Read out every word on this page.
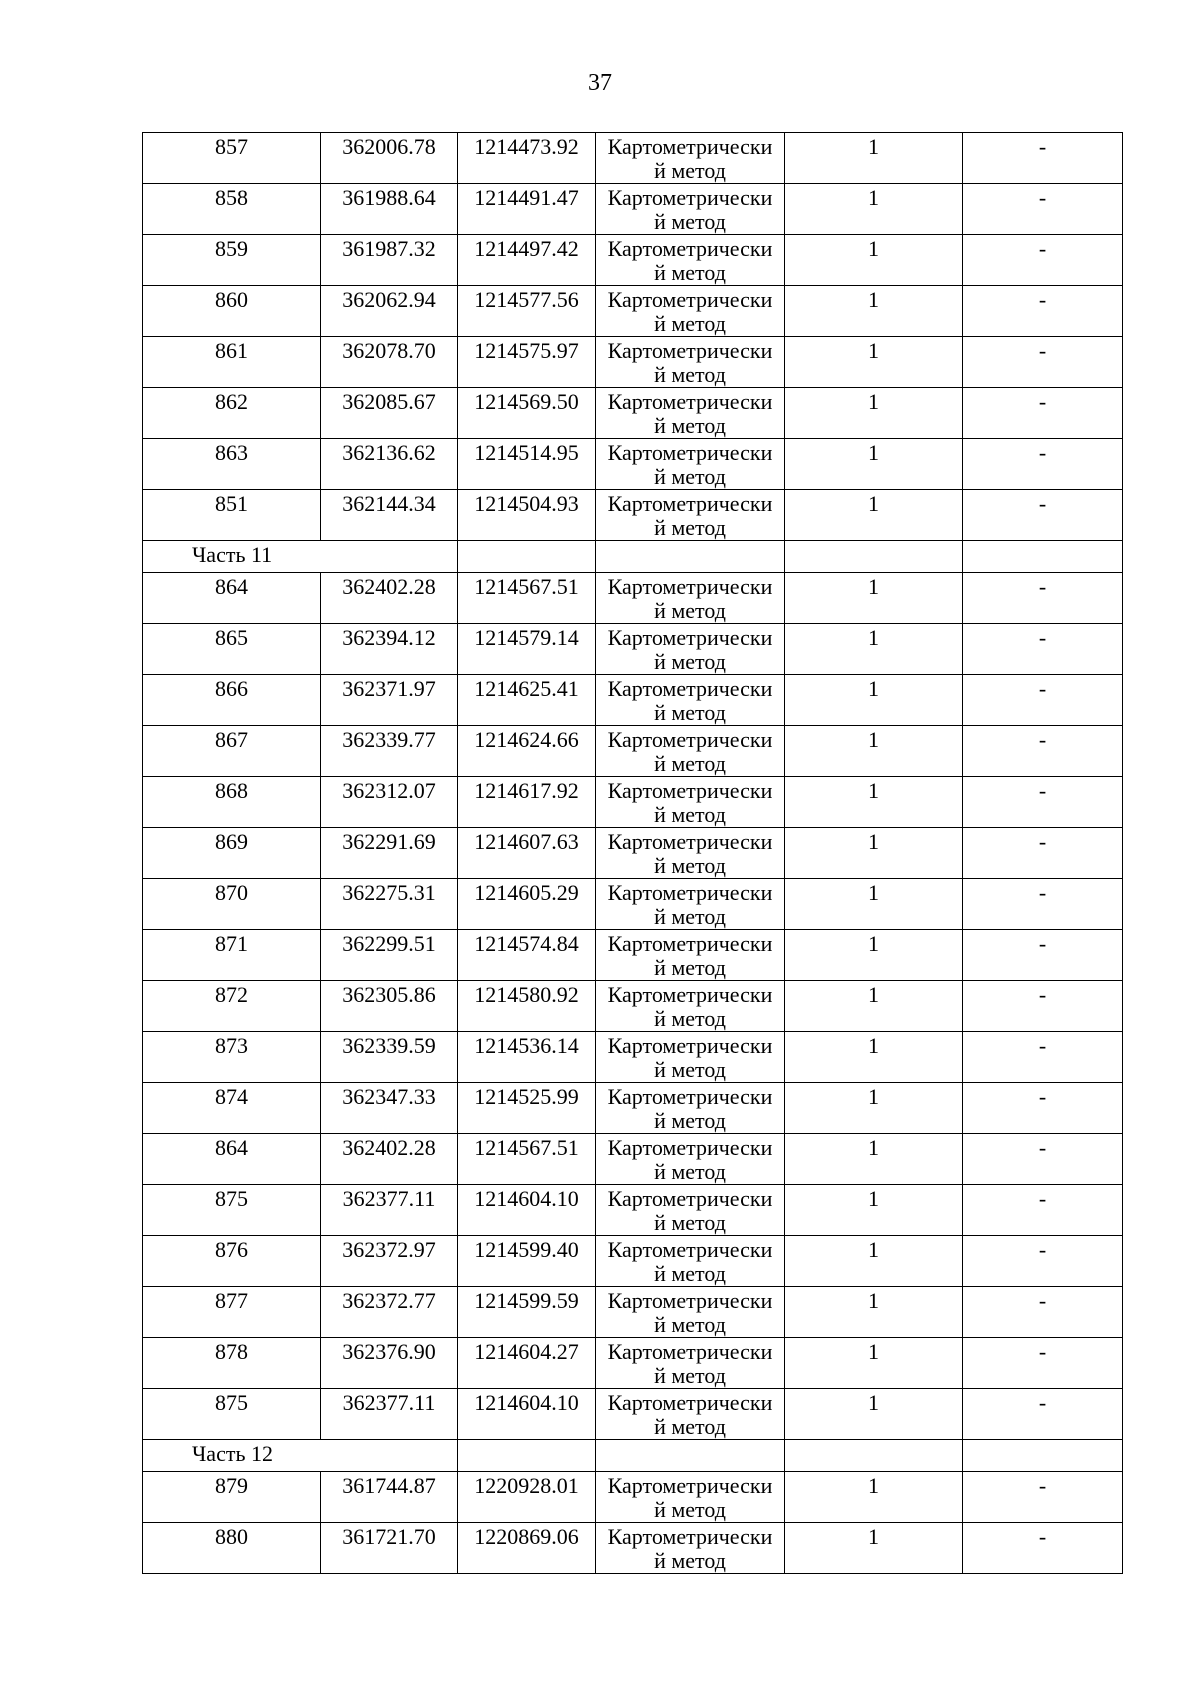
37
857	362006.78	1214473.92	Картометрически
й метод	1	-

858	361988.64	1214491.47	Картометрически
й метод	1	-

859	361987.32	1214497.42	Картометрически
й метод	1	-

860	362062.94	1214577.56	Картометрически
й метод	1	-

861	362078.70	1214575.97	Картометрически
й метод	1	-

862	362085.67	1214569.50	Картометрически
й метод	1	-

863	362136.62	1214514.95	Картометрически
й метод	1	-

851	362144.34	1214504.93	Картометрически
й метод	1	-

Часть 11					

864	362402.28	1214567.51	Картометрически
й метод	1	-

865	362394.12	1214579.14	Картометрически
й метод	1	-

866	362371.97	1214625.41	Картометрически
й метод	1	-

867	362339.77	1214624.66	Картометрически
й метод	1	-

868	362312.07	1214617.92	Картометрически
й метод	1	-

869	362291.69	1214607.63	Картометрически
й метод	1	-

870	362275.31	1214605.29	Картометрически
й метод	1	-

871	362299.51	1214574.84	Картометрически
й метод	1	-

872	362305.86	1214580.92	Картометрически
й метод	1	-

873	362339.59	1214536.14	Картометрически
й метод	1	-

874	362347.33	1214525.99	Картометрически
й метод	1	-

864	362402.28	1214567.51	Картометрически
й метод	1	-

875	362377.11	1214604.10	Картометрически
й метод	1	-

876	362372.97	1214599.40	Картометрически
й метод	1	-

877	362372.77	1214599.59	Картометрически
й метод	1	-

878	362376.90	1214604.27	Картометрически
й метод	1	-

875	362377.11	1214604.10	Картометрически
й метод	1	-

Часть 12					

879	361744.87	1220928.01	Картометрически
й метод	1	-

880	361721.70	1220869.06	Картометрически
й метод	1	-
